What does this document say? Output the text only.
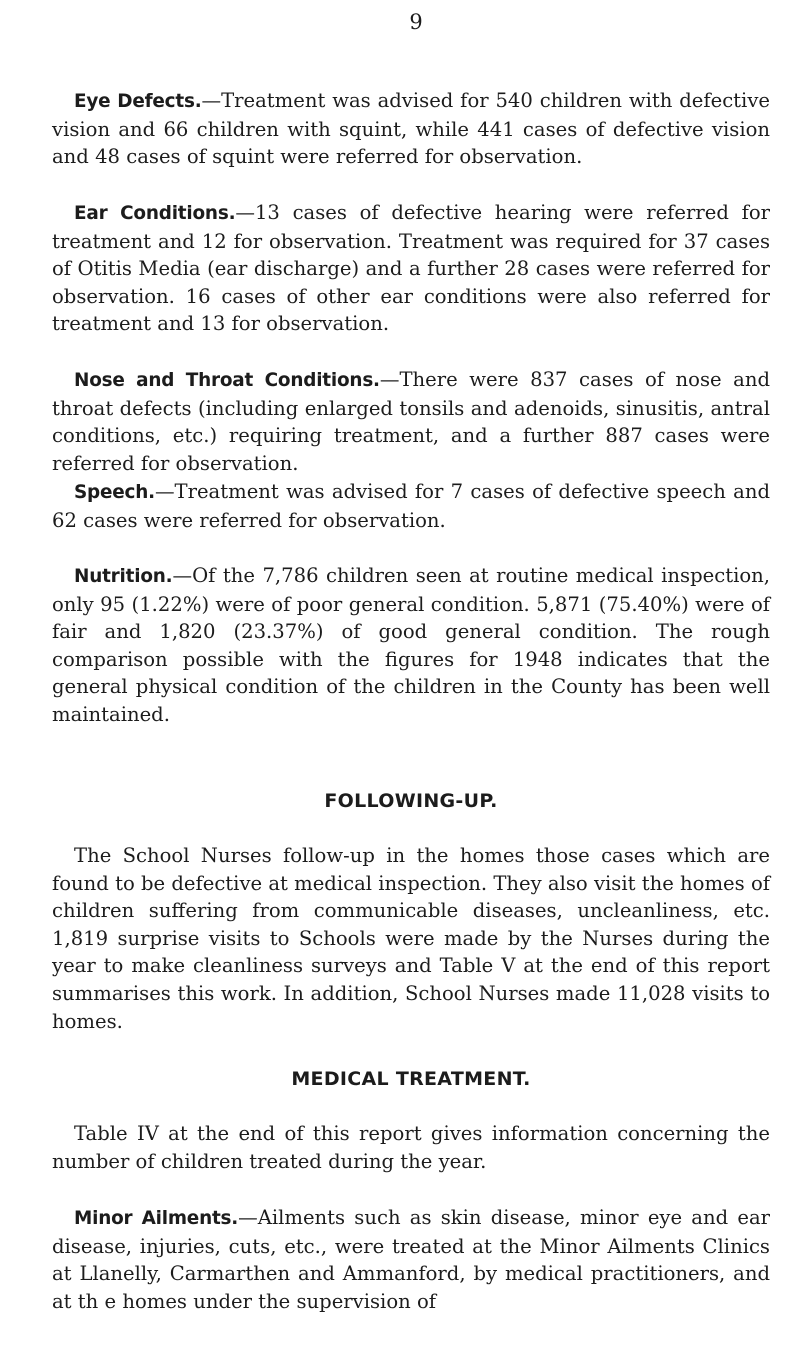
9

Eye Defects.—Treatment was advised for 540 children with defective vision and 66 children with squint, while 441 cases of defective vision and 48 cases of squint were referred for observation.

Ear Conditions.—13 cases of defective hearing were referred for treatment and 12 for observation. Treatment was required for 37 cases of Otitis Media (ear discharge) and a further 28 cases were referred for observation. 16 cases of other ear conditions were also referred for treatment and 13 for observation.

Nose and Throat Conditions.—There were 837 cases of nose and throat defects (including enlarged tonsils and adenoids, sinusitis, antral conditions, etc.) requiring treatment, and a further 887 cases were referred for observation.

Speech.—Treatment was advised for 7 cases of defective speech and 62 cases were referred for observation.

Nutrition.—Of the 7,786 children seen at routine medical inspection, only 95 (1.22%) were of poor general condition. 5,871 (75.40%) were of fair and 1,820 (23.37%) of good general condition. The rough comparison possible with the figures for 1948 indicates that the general physical condition of the children in the County has been well maintained.

FOLLOWING-UP.

The School Nurses follow-up in the homes those cases which are found to be defective at medical inspection. They also visit the homes of children suffering from communicable diseases, uncleanliness, etc. 1,819 surprise visits to Schools were made by the Nurses during the year to make cleanliness surveys and Table V at the end of this report summarises this work. In addition, School Nurses made 11,028 visits to homes.

MEDICAL TREATMENT.

Table IV at the end of this report gives information concerning the number of children treated during the year.

Minor Ailments.—Ailments such as skin disease, minor eye and ear disease, injuries, cuts, etc., were treated at the Minor Ailments Clinics at Llanelly, Carmarthen and Ammanford, by medical practitioners, and at th e homes under the supervision of
